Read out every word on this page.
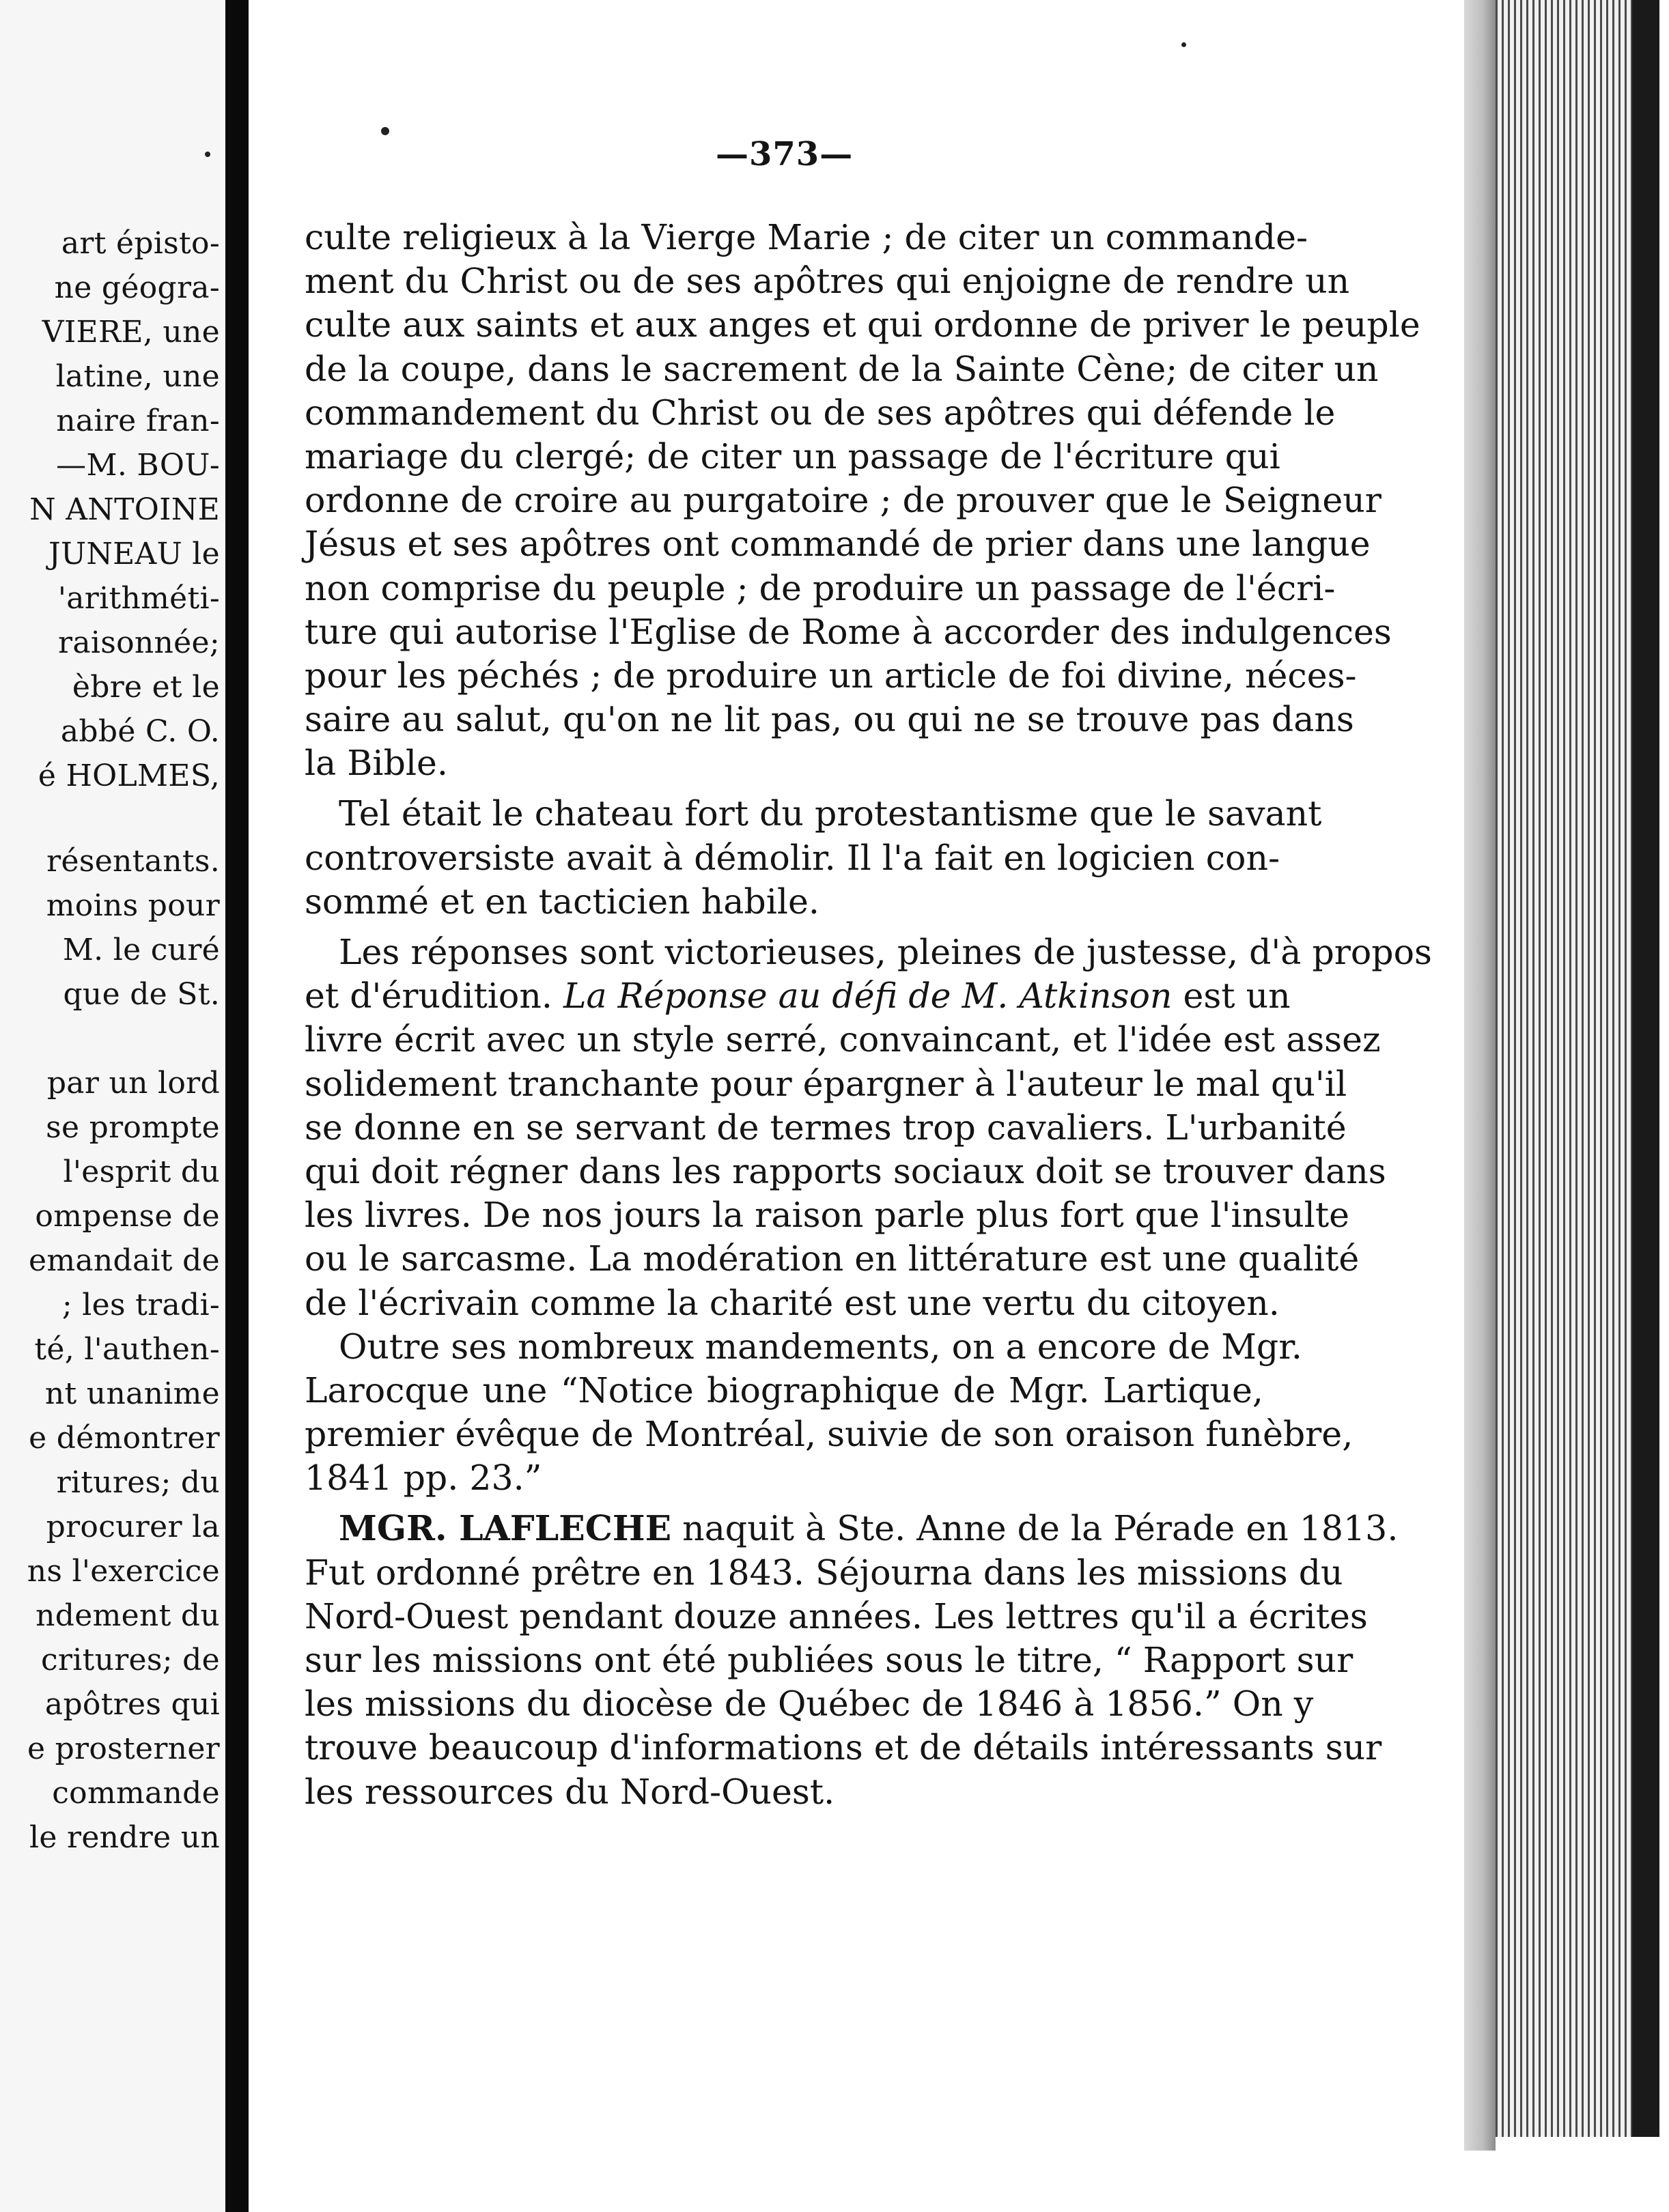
art épisto-
ne géogra-
VIERE, une
latine, une
naire fran-
—M. BOU-
N ANTOINE
JUNEAU le
'arithméti-
raisonnée;
èbre et le
abbé C. O.
é HOLMES,
résentants.
moins pour
M. le curé
que de St.
par un lord
se prompte
l'esprit du
ompense de
emandait de
; les tradi-
té, l'authen-
nt unanime
e démontrer
ritures; du
procurer la
ns l'exercice
ndement du
critures; de
apôtres qui
e prosterner
commande
le rendre un
—373—
culte religieux à la Vierge Marie ; de citer un commande-
ment du Christ ou de ses apôtres qui enjoigne de rendre un
culte aux saints et aux anges et qui ordonne de priver le peuple
de la coupe, dans le sacrement de la Sainte Cène; de citer un
commandement du Christ ou de ses apôtres qui défende le
mariage du clergé; de citer un passage de l'écriture qui
ordonne de croire au purgatoire ; de prouver que le Seigneur
Jésus et ses apôtres ont commandé de prier dans une langue
non comprise du peuple ; de produire un passage de l'écri-
ture qui autorise l'Eglise de Rome à accorder des indulgences
pour les péchés ; de produire un article de foi divine, néces-
saire au salut, qu'on ne lit pas, ou qui ne se trouve pas dans
la Bible.
Tel était le chateau fort du protestantisme que le savant
controversiste avait à démolir. Il l'a fait en logicien con-
sommé et en tacticien habile.
Les réponses sont victorieuses, pleines de justesse, d'à propos
et d'érudition. La Réponse au défi de M. Atkinson est un
livre écrit avec un style serré, convaincant, et l'idée est assez
solidement tranchante pour épargner à l'auteur le mal qu'il
se donne en se servant de termes trop cavaliers. L'urbanité
qui doit régner dans les rapports sociaux doit se trouver dans
les livres. De nos jours la raison parle plus fort que l'insulte
ou le sarcasme. La modération en littérature est une qualité
de l'écrivain comme la charité est une vertu du citoyen.
Outre ses nombreux mandements, on a encore de Mgr.
Larocque une “Notice biographique de Mgr. Lartique,
premier évêque de Montréal, suivie de son oraison funèbre,
1841 pp. 23.”
MGR. LAFLECHE naquit à Ste. Anne de la Pérade en 1813.
Fut ordonné prêtre en 1843. Séjourna dans les missions du
Nord-Ouest pendant douze années. Les lettres qu'il a écrites
sur les missions ont été publiées sous le titre, “ Rapport sur
les missions du diocèse de Québec de 1846 à 1856.” On y
trouve beaucoup d'informations et de détails intéressants sur
les ressources du Nord-Ouest.
